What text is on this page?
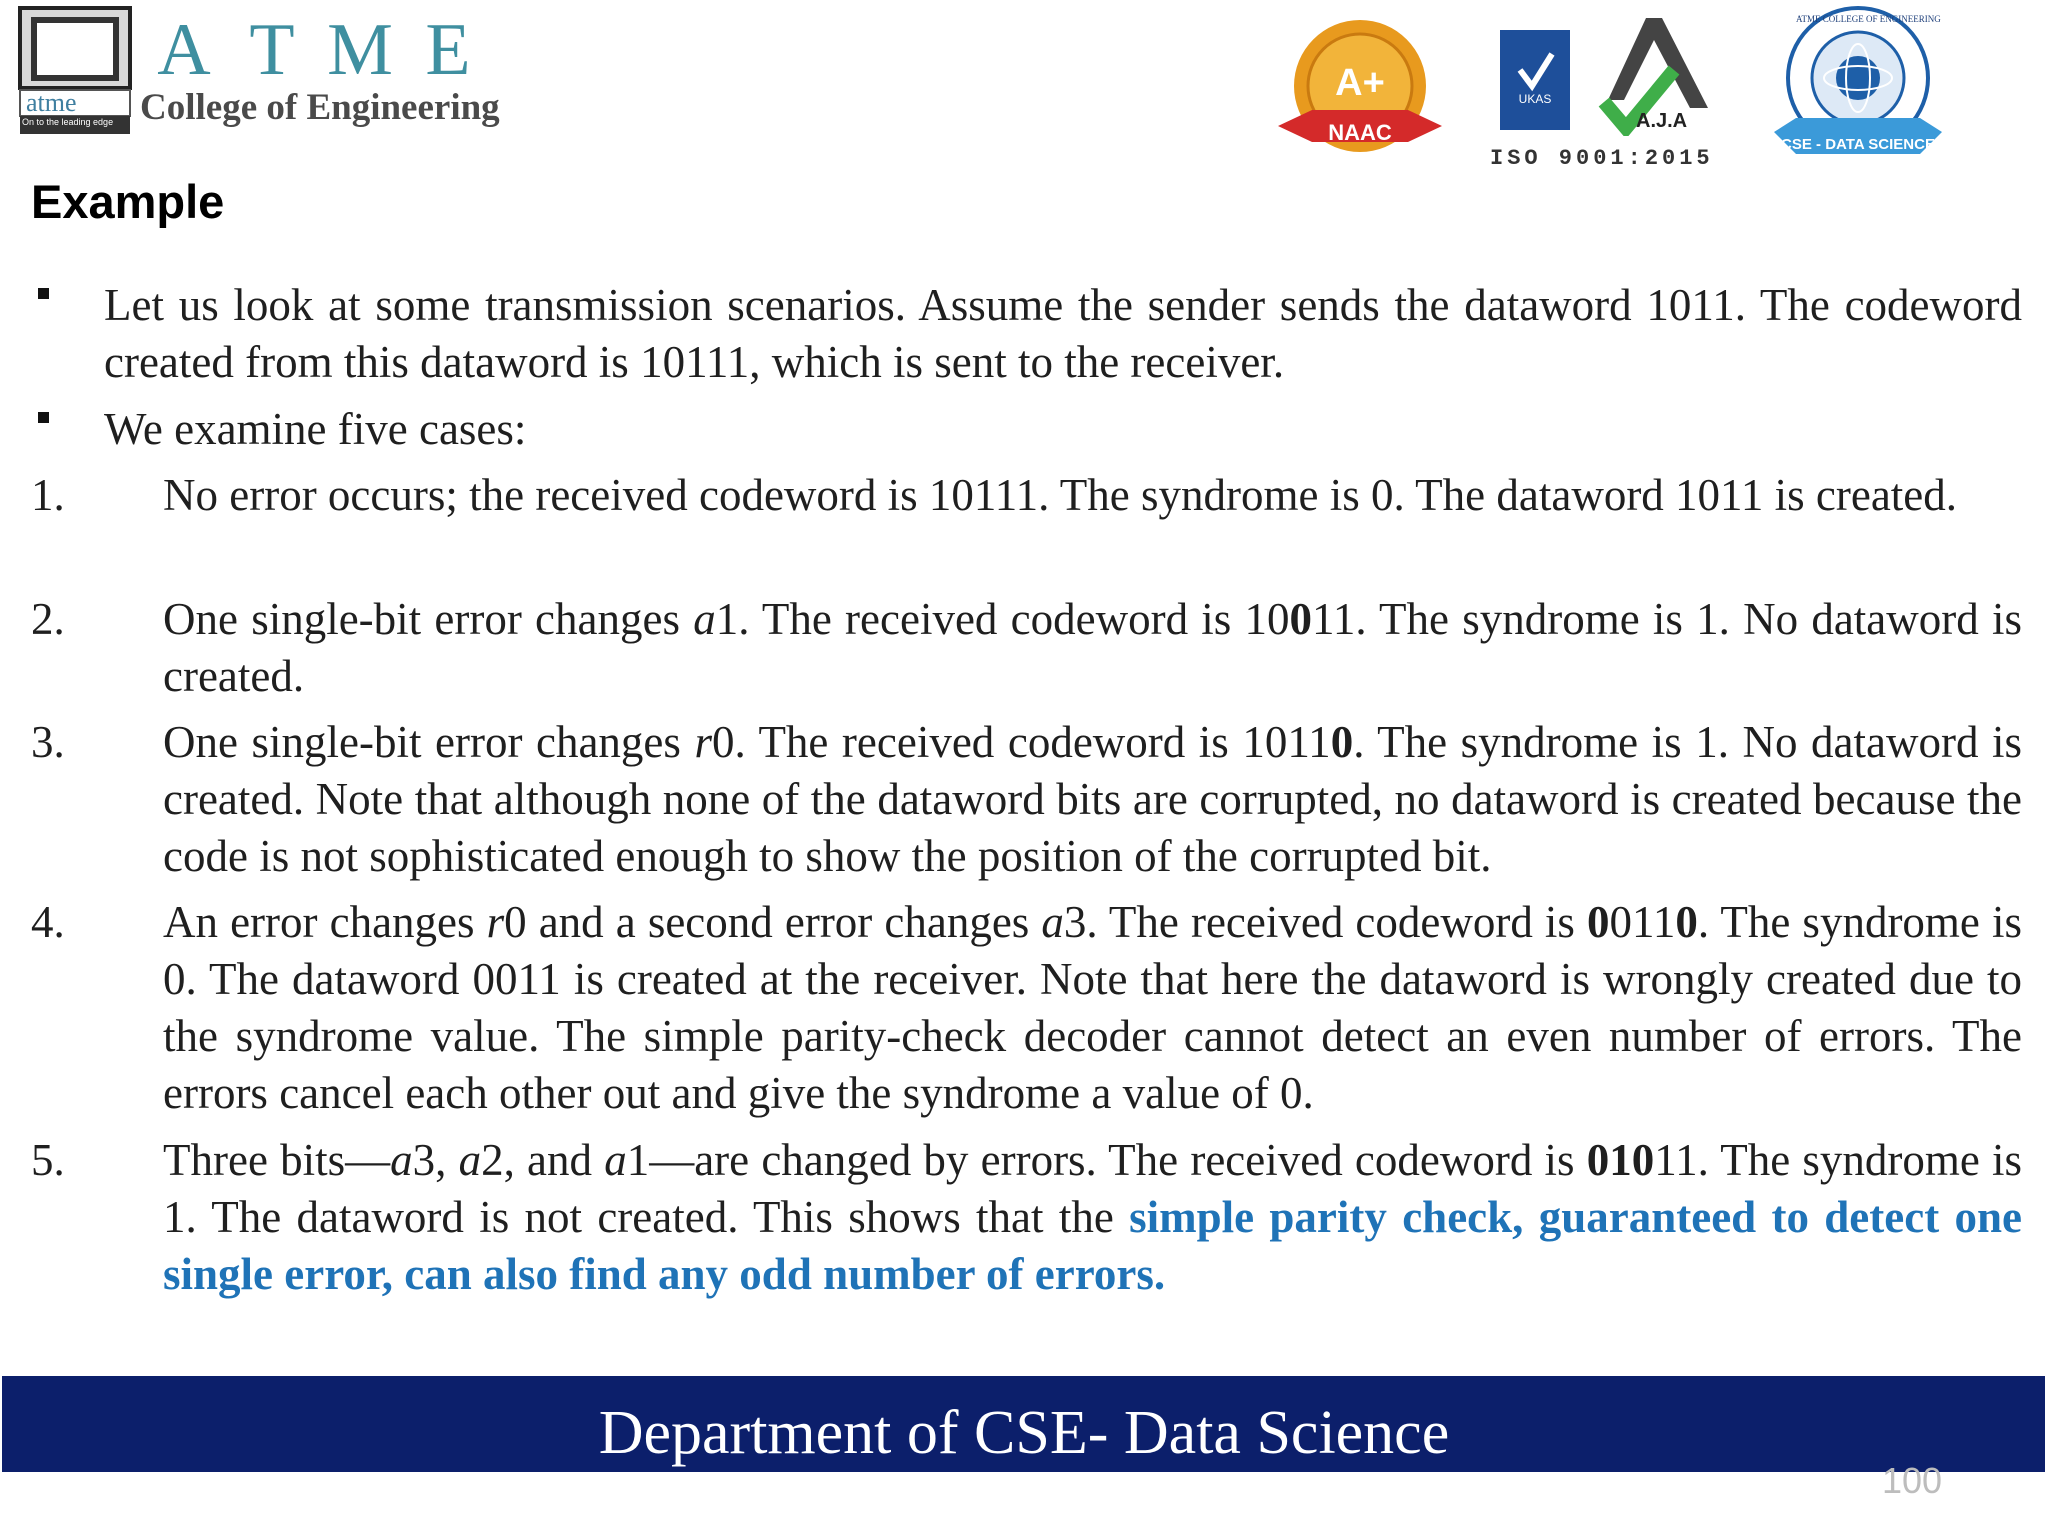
atme
On to the leading edge
A T M E
College of Engineering
A+
NAAC
UKAS
A.J.A
ISO 9001:2015
CSE - DATA SCIENCE
ATME COLLEGE OF ENGINEERING
Example

Let us look at some transmission scenarios. Assume the sender sends the dataword 1011. The codeword created from this dataword is 10111, which is sent to the receiver.

We examine five cases:

1. No error occurs; the received codeword is 10111. The syndrome is 0. The dataword 1011 is created.

2. One single-bit error changes a1. The received codeword is 10011. The syndrome is 1. No dataword is created.

3. One single-bit error changes r0. The received codeword is 10110. The syndrome is 1. No dataword is created. Note that although none of the dataword bits are corrupted, no dataword is created because the code is not sophisticated enough to show the position of the corrupted bit.

4. An error changes r0 and a second error changes a3. The received codeword is 00110. The syndrome is 0. The dataword 0011 is created at the receiver. Note that here the dataword is wrongly created due to the syndrome value. The simple parity-check decoder cannot detect an even number of errors. The errors cancel each other out and give the syndrome a value of 0.

5. Three bits—a3, a2, and a1—are changed by errors. The received codeword is 01011. The syndrome is 1. The dataword is not created. This shows that the simple parity check, guaranteed to detect one single error, can also find any odd number of errors.

Department of CSE- Data Science
100
